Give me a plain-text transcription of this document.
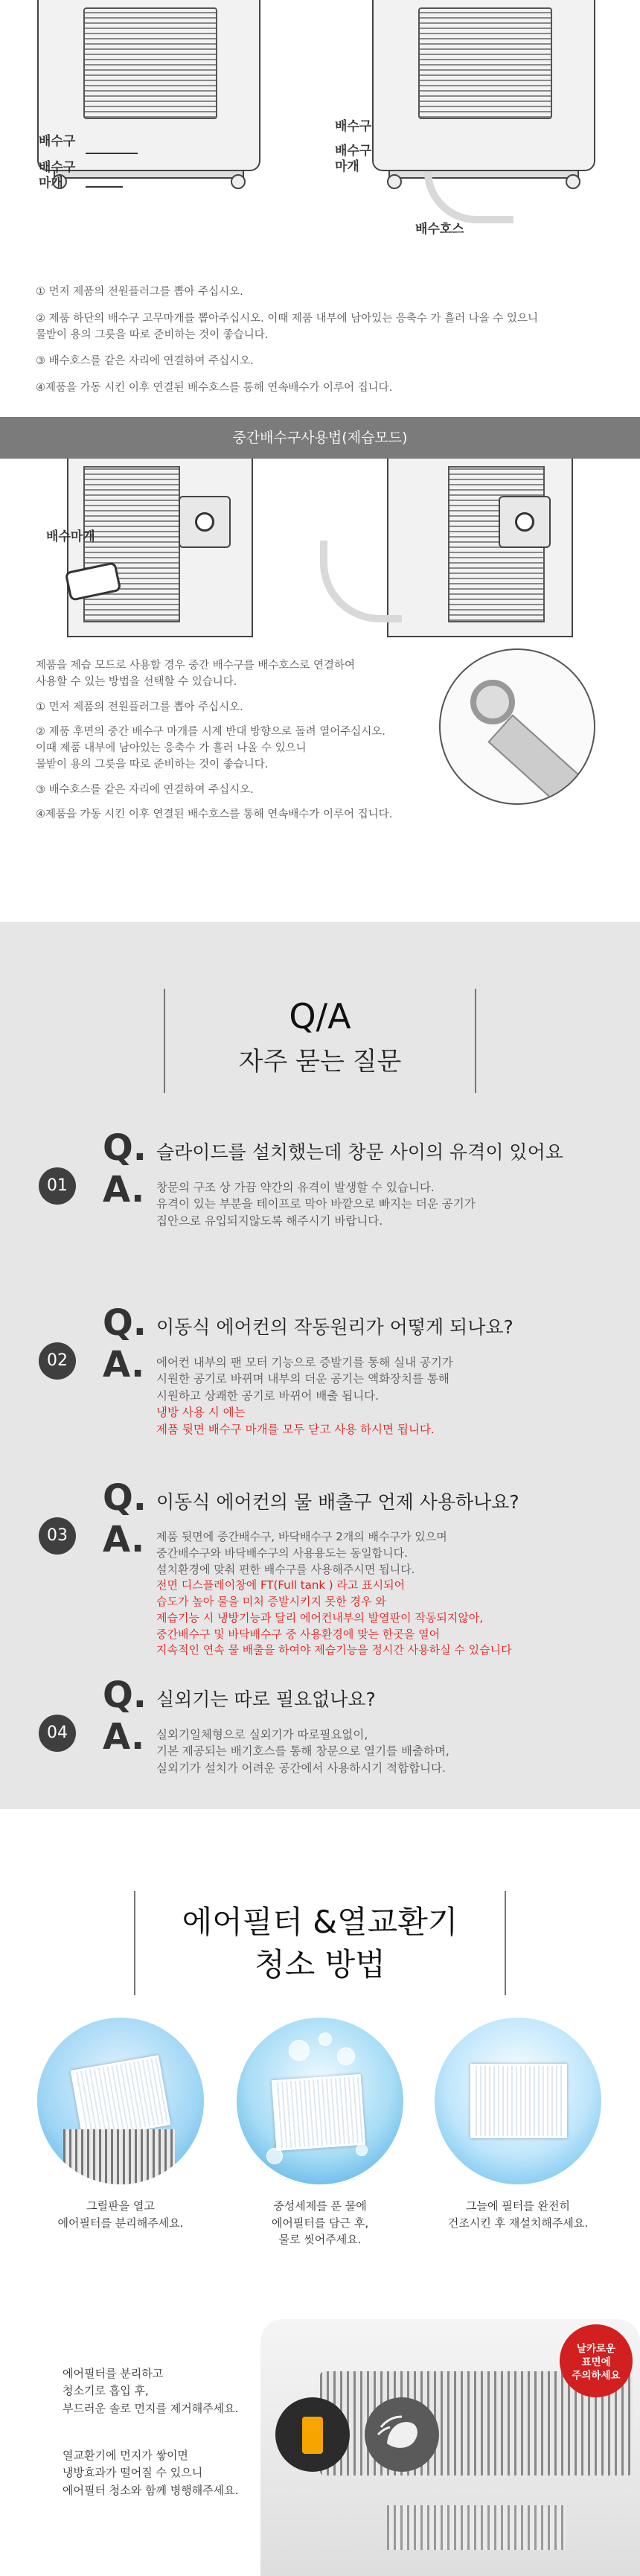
배수구
배수구
마개
배수구
배수구
마개
배수호스

① 먼저 제품의 전원플러그를 뽑아 주십시오.

② 제품 하단의 배수구 고무마개를 뽑아주십시오. 이때 제품 내부에 남아있는 응축수 가 흘러 나올 수 있으니
물받이 용의 그릇을 따로 준비하는 것이 좋습니다.

③ 배수호스를 같은 자리에 연결하여 주십시오.

④제품을 가동 시킨 이후 연결된 배수호스를 통해 연속배수가 이루어 집니다.

중간배수구사용법(제습모드)
배수마개

제품을 제습 모드로 사용할 경우 중간 배수구를 배수호스로 연결하여
사용할 수 있는 방법을 선택할 수 있습니다.

① 먼저 제품의 전원플러그를 뽑아 주십시오.

② 제품 후면의 중간 배수구 마개를 시계 반대 방향으로 돌려 열어주십시오.
이때 제품 내부에 남아있는 응축수 가 흘러 나올 수 있으니
물받이 용의 그릇을 따로 준비하는 것이 좋습니다.

③ 배수호스를 같은 자리에 연결하여 주십시오.

④제품을 가동 시킨 이후 연결된 배수호스를 통해 연속배수가 이루어 집니다.

Q/A
자주 묻는 질문
01
Q. 슬라이드를 설치했는데 창문 사이의 유격이 있어요
A. 창문의 구조 상 가끔 약간의 유격이 발생할 수 있습니다.
유격이 있는 부분을 테이프로 막아 바깥으로 빠지는 더운 공기가
집안으로 유입되지않도록 해주시기 바랍니다.
02
Q. 이동식 에어컨의 작동원리가 어떻게 되나요?
A. 에어컨 내부의 팬 모터 기능으로 증발기를 통해 실내 공기가
시원한 공기로 바뀌며 내부의 더운 공기는 액화장치를 통해
시원하고 상쾌한 공기로 바뀌어 배출 됩니다.
냉방 사용 시 에는
제품 뒷면 배수구 마개를 모두 닫고 사용 하시면 됩니다.
03
Q. 이동식 에어컨의 물 배출구 언제 사용하나요?
A. 제품 뒷면에 중간배수구, 바닥배수구 2개의 배수구가 있으며
중간배수구와 바닥배수구의 사용용도는 동일합니다.
설치환경에 맞춰 편한 배수구를 사용해주시면 됩니다.
전면 디스플레이창에 FT(Full tank ) 라고 표시되어
습도가 높아 물을 미처 증발시키지 못한 경우 와
제습기능 시 냉방기능과 달리 에어컨내부의 발열판이 작동되지않아,
중간배수구 및 바닥배수구 중 사용환경에 맞는 한곳을 열어
지속적인 연속 물 배출을 하여야 제습기능을 정시간 사용하실 수 있습니다
04
Q. 실외기는 따로 필요없나요?
A. 실외기일체형으로 실외기가 따로필요없이,
기본 제공되는 배기호스를 통해 창문으로 열기를 배출하며,
실외기가 설치가 어려운 공간에서 사용하시기 적합합니다.
에어필터 &열교환기
청소 방법
그릴판을 열고
에어필터를 분리해주세요.
중성세제를 푼 물에
에어필터를 담근 후,
물로 씻어주세요.
그늘에 필터를 완전히
건조시킨 후 재설치해주세요.
날카로운
표면에
주의하세요
에어필터를 분리하고
청소기로 흡입 후,
부드러운 솔로 먼지를 제거해주세요.
열교환기에 먼지가 쌓이면
냉방효과가 떨어질 수 있으니
에어필터 청소와 함께 병행해주세요.
